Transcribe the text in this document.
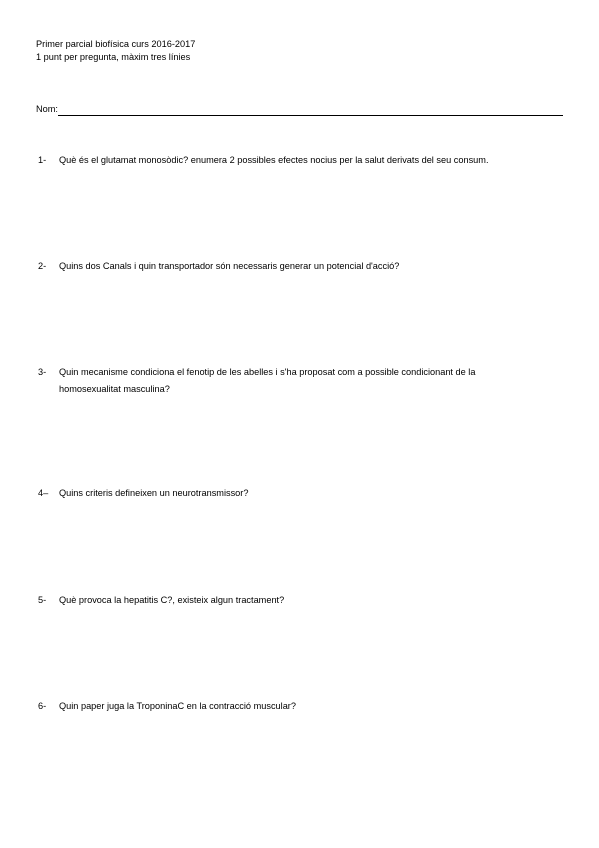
Primer parcial biofísica curs 2016-2017
1 punt per pregunta, màxim tres línies
Nom:
1-	Què és el glutamat monosòdic? enumera 2 possibles efectes nocius per la salut derivats del seu consum.
2-	Quins dos Canals i quin transportador són necessaris generar un potencial d'acció?
3-	Quin mecanisme condiciona el fenotip de les abelles i s'ha proposat com a possible condicionant de la homosexualitat masculina?
4–	Quins criteris defineixen un neurotransmissor?
5-	Què provoca la hepatitis C?, existeix algun tractament?
6-	Quin paper juga la TroponinaC en la contracció muscular?
